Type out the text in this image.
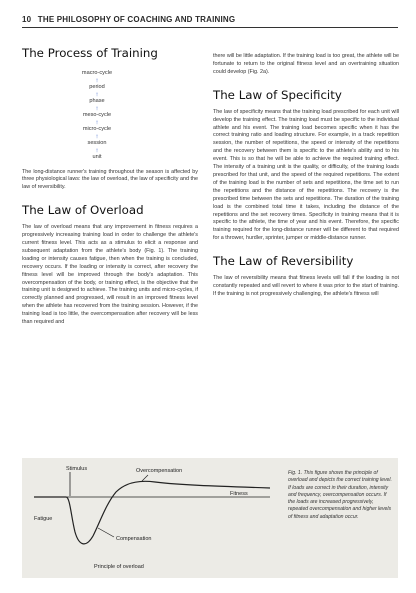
10 THE PHILOSOPHY OF COACHING AND TRAINING
The Process of Training
macro-cycle
↑
period
↑
phase
↑
meso-cycle
↑
micro-cycle
↑
session
↑
unit

The long-distance runner's training throughout the season is affected by three physiological laws: the law of overload, the law of specificity and the law of reversibility.

The Law of Overload

The law of overload means that any improvement in fitness requires a progressively increasing training load in order to challenge the athlete's current fitness level. This acts as a stimulus to elicit a response and subsequent adaptation from the athlete's body (Fig. 1). The training loading or intensity causes fatigue, then when the training is concluded, recovery occurs. If the loading or intensity is correct, after recovery the fitness level will be improved through the body's adaptation. This overcompensation of the body, or training effect, is the objective that the training unit is designed to achieve. The training units and micro-cycles, if correctly planned and progressed, will result in an improved fitness level when the athlete has recovered from the training session. However, if the training load is too little, the overcompensation after recovery will be less than required and

there will be little adaptation. If the training load is too great, the athlete will be fortunate to return to the original fitness level and an overtraining situation could develop (Fig. 2a).

The Law of Specificity

The law of specificity means that the training load prescribed for each unit will develop the training effect. The training load must be specific to the individual athlete and his event. The training load becomes specific when it has the correct training ratio and loading structure. For example, in a track repetition session, the number of repetitions, the speed or intensity of the repetitions and the recovery between them is specific to the athlete's ability and to his event. This is so that he will be able to achieve the required training effect. The intensity of a training unit is the quality, or difficulty, of the training loads prescribed for that unit, and the speed of the required repetitions. The extent of the training load is the number of sets and repetitions, the time set to run the repetitions and the distance of the repetitions. The recovery is the prescribed time between the sets and repetitions. The duration of the training load is the combined total time it takes, including the distance of the repetitions and the set recovery times. Specificity in training means that it is specific to the athlete, the time of year and his event. Therefore, the specific training required for the long-distance runner will be different to that required for a thrower, hurdler, sprinter, jumper or middle-distance runner.

The Law of Reversibility

The law of reversibility means that fitness levels will fall if the loading is not constantly repeated and will revert to where it was prior to the start of training. If the training is not progressively challenging, the athlete's fitness will

Stimulus	Overcompensation
Fitness
Fatigue
Compensation
Principle of overload
Fig. 1. This figure shows the principle of overload and depicts the correct training level. If loads are correct in their duration, intensity and frequency, overcompensation occurs. If the loads are increased progressively, repeated overcompensation and higher levels of fitness and adaptation occur.
